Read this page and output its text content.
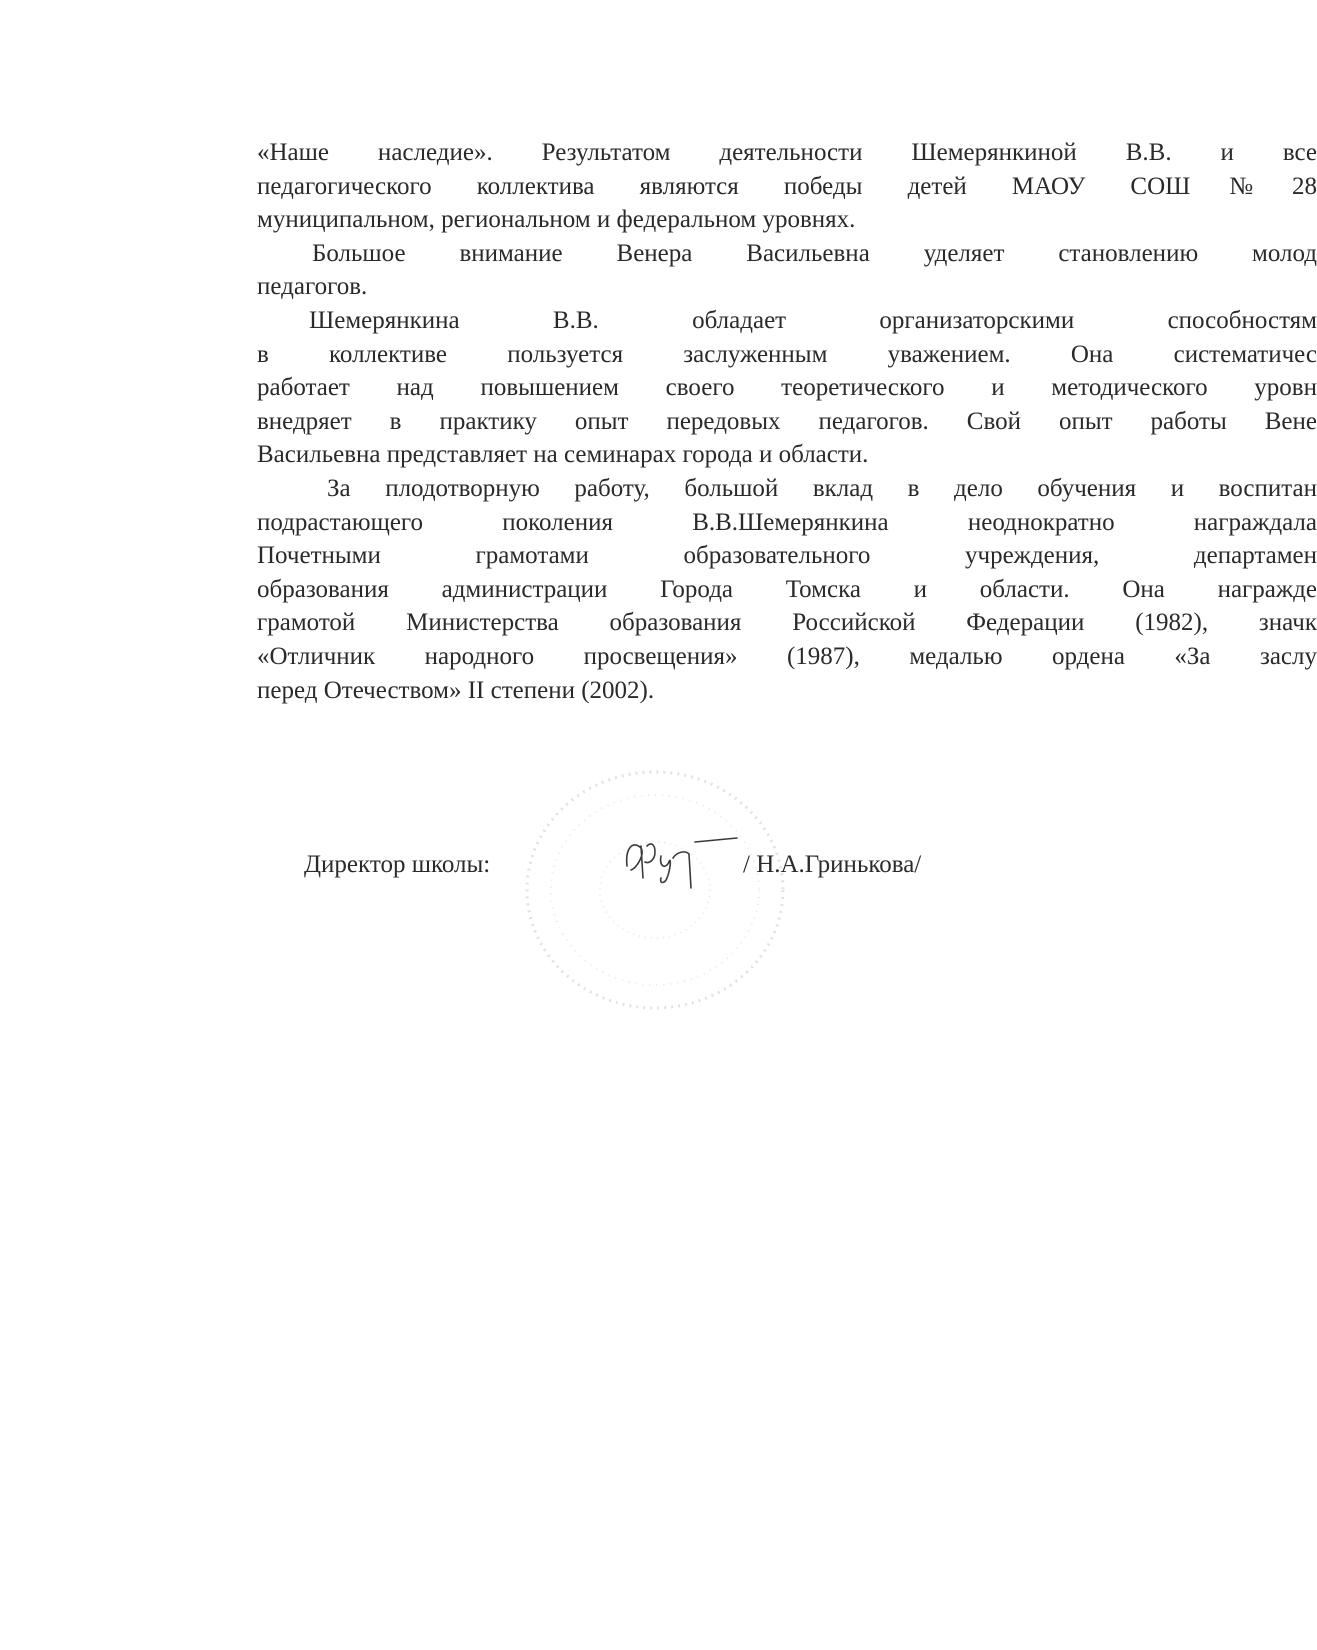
«Наше наследие». Результатом деятельности Шемерянкиной В.В. и все
педагогического коллектива являются победы детей МАОУ СОШ№28
муниципальном, региональном и федеральном уровнях.
Большое внимание Венера Васильевна уделяет становлению молод
педагогов.
Шемерянкина В.В. обладает организаторскими способностям
в коллективе пользуется заслуженным уважением. Она систематичес
работает над повышением своего теоретического и методического уровн
внедряет в практику опыт передовых педагогов. Свой опыт работы Вене
Васильевна представляет на семинарах города и области.
За плодотворную работу, большой вклад в дело обучения и воспитан
подрастающего поколения В.В.Шемерянкина неоднократно награждала
Почетными грамотами образовательного учреждения, департамен
образования администрации Города Томска и области. Она награжде
грамотой Министерства образования Российской Федерации (1982), значк
«Отличник народного просвещения» (1987), медалью ордена «За заслу
перед Отечеством» II степени (2002).
Директор школы:	/ Н.А.Гринькова/
